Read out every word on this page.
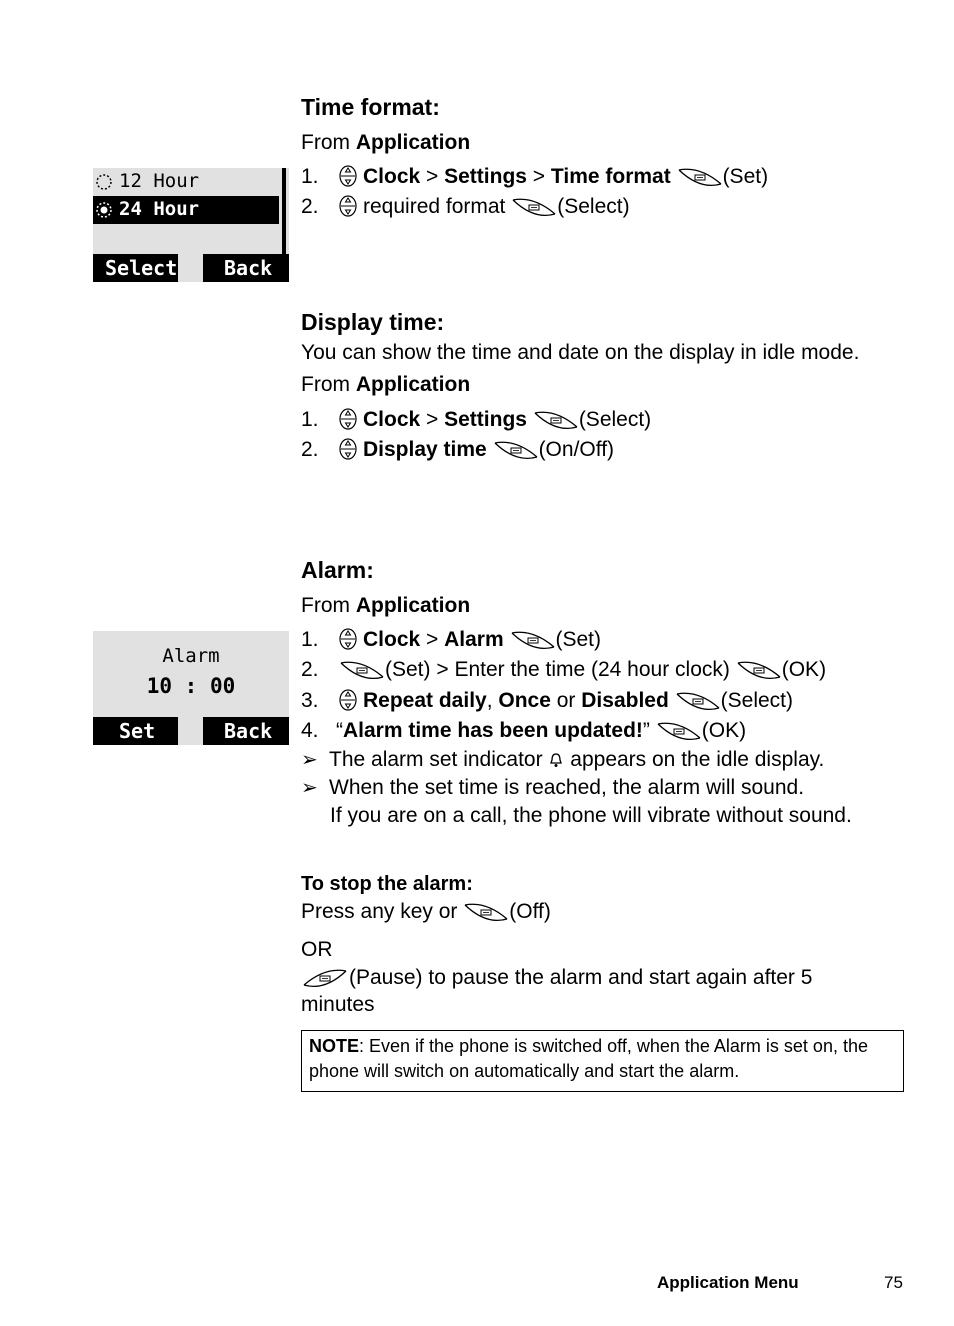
Time format:
From Application
1. Clock > Settings > Time format (Set)
2. required format (Select)
12 Hour
24 Hour
Select	Back
Display time:
You can show the time and date on the display in idle mode.
From Application
1. Clock > Settings (Select)
2. Display time (On/Off)
Alarm:
From Application
1. Clock > Alarm (Set)
2.	(Set) > Enter the time (24 hour clock) (OK)
3. Repeat daily, Once or Disabled (Select)
4. “Alarm time has been updated!” (OK)
➢ The alarm set indicator appears on the idle display.
➢ When the set time is reached, the alarm will sound.
If you are on a call, the phone will vibrate without sound.
Alarm
10 : 00
Set	Back
To stop the alarm:
Press any key or (Off)
OR
(Pause) to pause the alarm and start again after 5
minutes
NOTE: Even if the phone is switched off, when the Alarm is set on, the phone will switch on automatically and start the alarm.
Application Menu	75
